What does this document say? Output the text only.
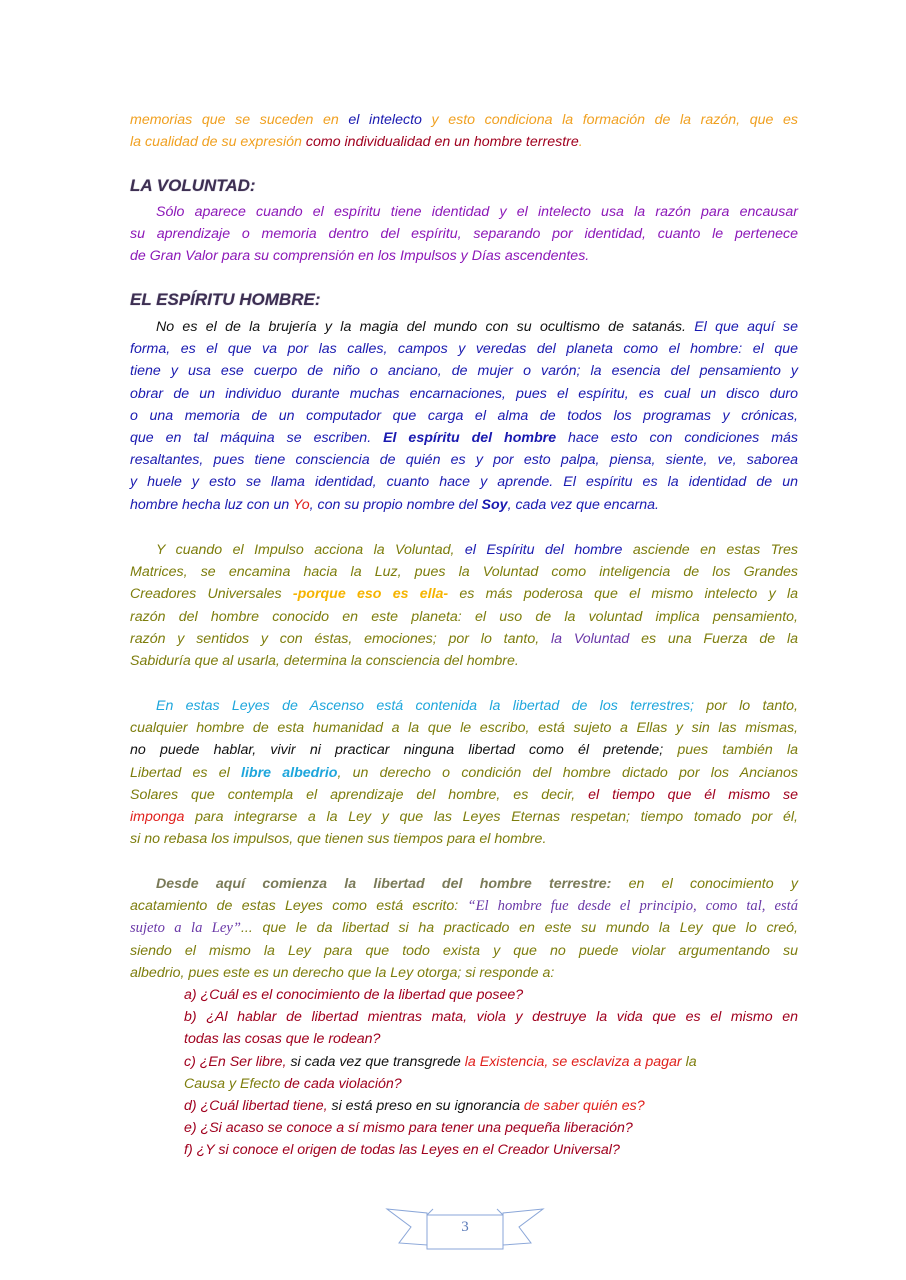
memorias que se suceden en el intelecto y esto condiciona la formación de la razón, que es
la cualidad de su expresión como individualidad en un hombre terrestre.
LA VOLUNTAD:
Sólo aparece cuando el espíritu tiene identidad y el intelecto usa la razón para encausar
su aprendizaje o memoria dentro del espíritu, separando por identidad, cuanto le pertenece
de Gran Valor para su comprensión en los Impulsos y Días ascendentes.
EL ESPÍRITU HOMBRE:
No es el de la brujería y la magia del mundo con su ocultismo de satanás. El que aquí se
forma, es el que va por las calles, campos y veredas del planeta como el hombre: el que
tiene y usa ese cuerpo de niño o anciano, de mujer o varón; la esencia del pensamiento y
obrar de un individuo durante muchas encarnaciones, pues el espíritu, es cual un disco duro
o una memoria de un computador que carga el alma de todos los programas y crónicas,
que en tal máquina se escriben. El espíritu del hombre hace esto con condiciones más
resaltantes, pues tiene consciencia de quién es y por esto palpa, piensa, siente, ve, saborea
y huele y esto se llama identidad, cuanto hace y aprende. El espíritu es la identidad de un
hombre hecha luz con un Yo, con su propio nombre del Soy, cada vez que encarna.
Y cuando el Impulso acciona la Voluntad, el Espíritu del hombre asciende en estas Tres
Matrices, se encamina hacia la Luz, pues la Voluntad como inteligencia de los Grandes
Creadores Universales -porque eso es ella- es más poderosa que el mismo intelecto y la
razón del hombre conocido en este planeta: el uso de la voluntad implica pensamiento,
razón y sentidos y con éstas, emociones; por lo tanto, la Voluntad es una Fuerza de la
Sabiduría que al usarla, determina la consciencia del hombre.
En estas Leyes de Ascenso está contenida la libertad de los terrestres; por lo tanto,
cualquier hombre de esta humanidad a la que le escribo, está sujeto a Ellas y sin las mismas,
no puede hablar, vivir ni practicar ninguna libertad como él pretende; pues también la
Libertad es el libre albedrio, un derecho o condición del hombre dictado por los Ancianos
Solares que contempla el aprendizaje del hombre, es decir, el tiempo que él mismo se
imponga para integrarse a la Ley y que las Leyes Eternas respetan; tiempo tomado por él,
si no rebasa los impulsos, que tienen sus tiempos para el hombre.
Desde aquí comienza la libertad del hombre terrestre: en el conocimiento y
acatamiento de estas Leyes como está escrito: “El hombre fue desde el principio, como tal, está
sujeto a la Ley”... que le da libertad si ha practicado en este su mundo la Ley que lo creó,
siendo el mismo la Ley para que todo exista y que no puede violar argumentando su
albedrio, pues este es un derecho que la Ley otorga; si responde a:
a) ¿Cuál es el conocimiento de la libertad que posee?
b) ¿Al hablar de libertad mientras mata, viola y destruye la vida que es el mismo en
todas las cosas que le rodean?
c) ¿En Ser libre, si cada vez que transgrede la Existencia, se esclaviza a pagar la
Causa y Efecto de cada violación?
d) ¿Cuál libertad tiene, si está preso en su ignorancia de saber quién es?
e) ¿Si acaso se conoce a sí mismo para tener una pequeña liberación?
f) ¿Y si conoce el origen de todas las Leyes en el Creador Universal?
3
